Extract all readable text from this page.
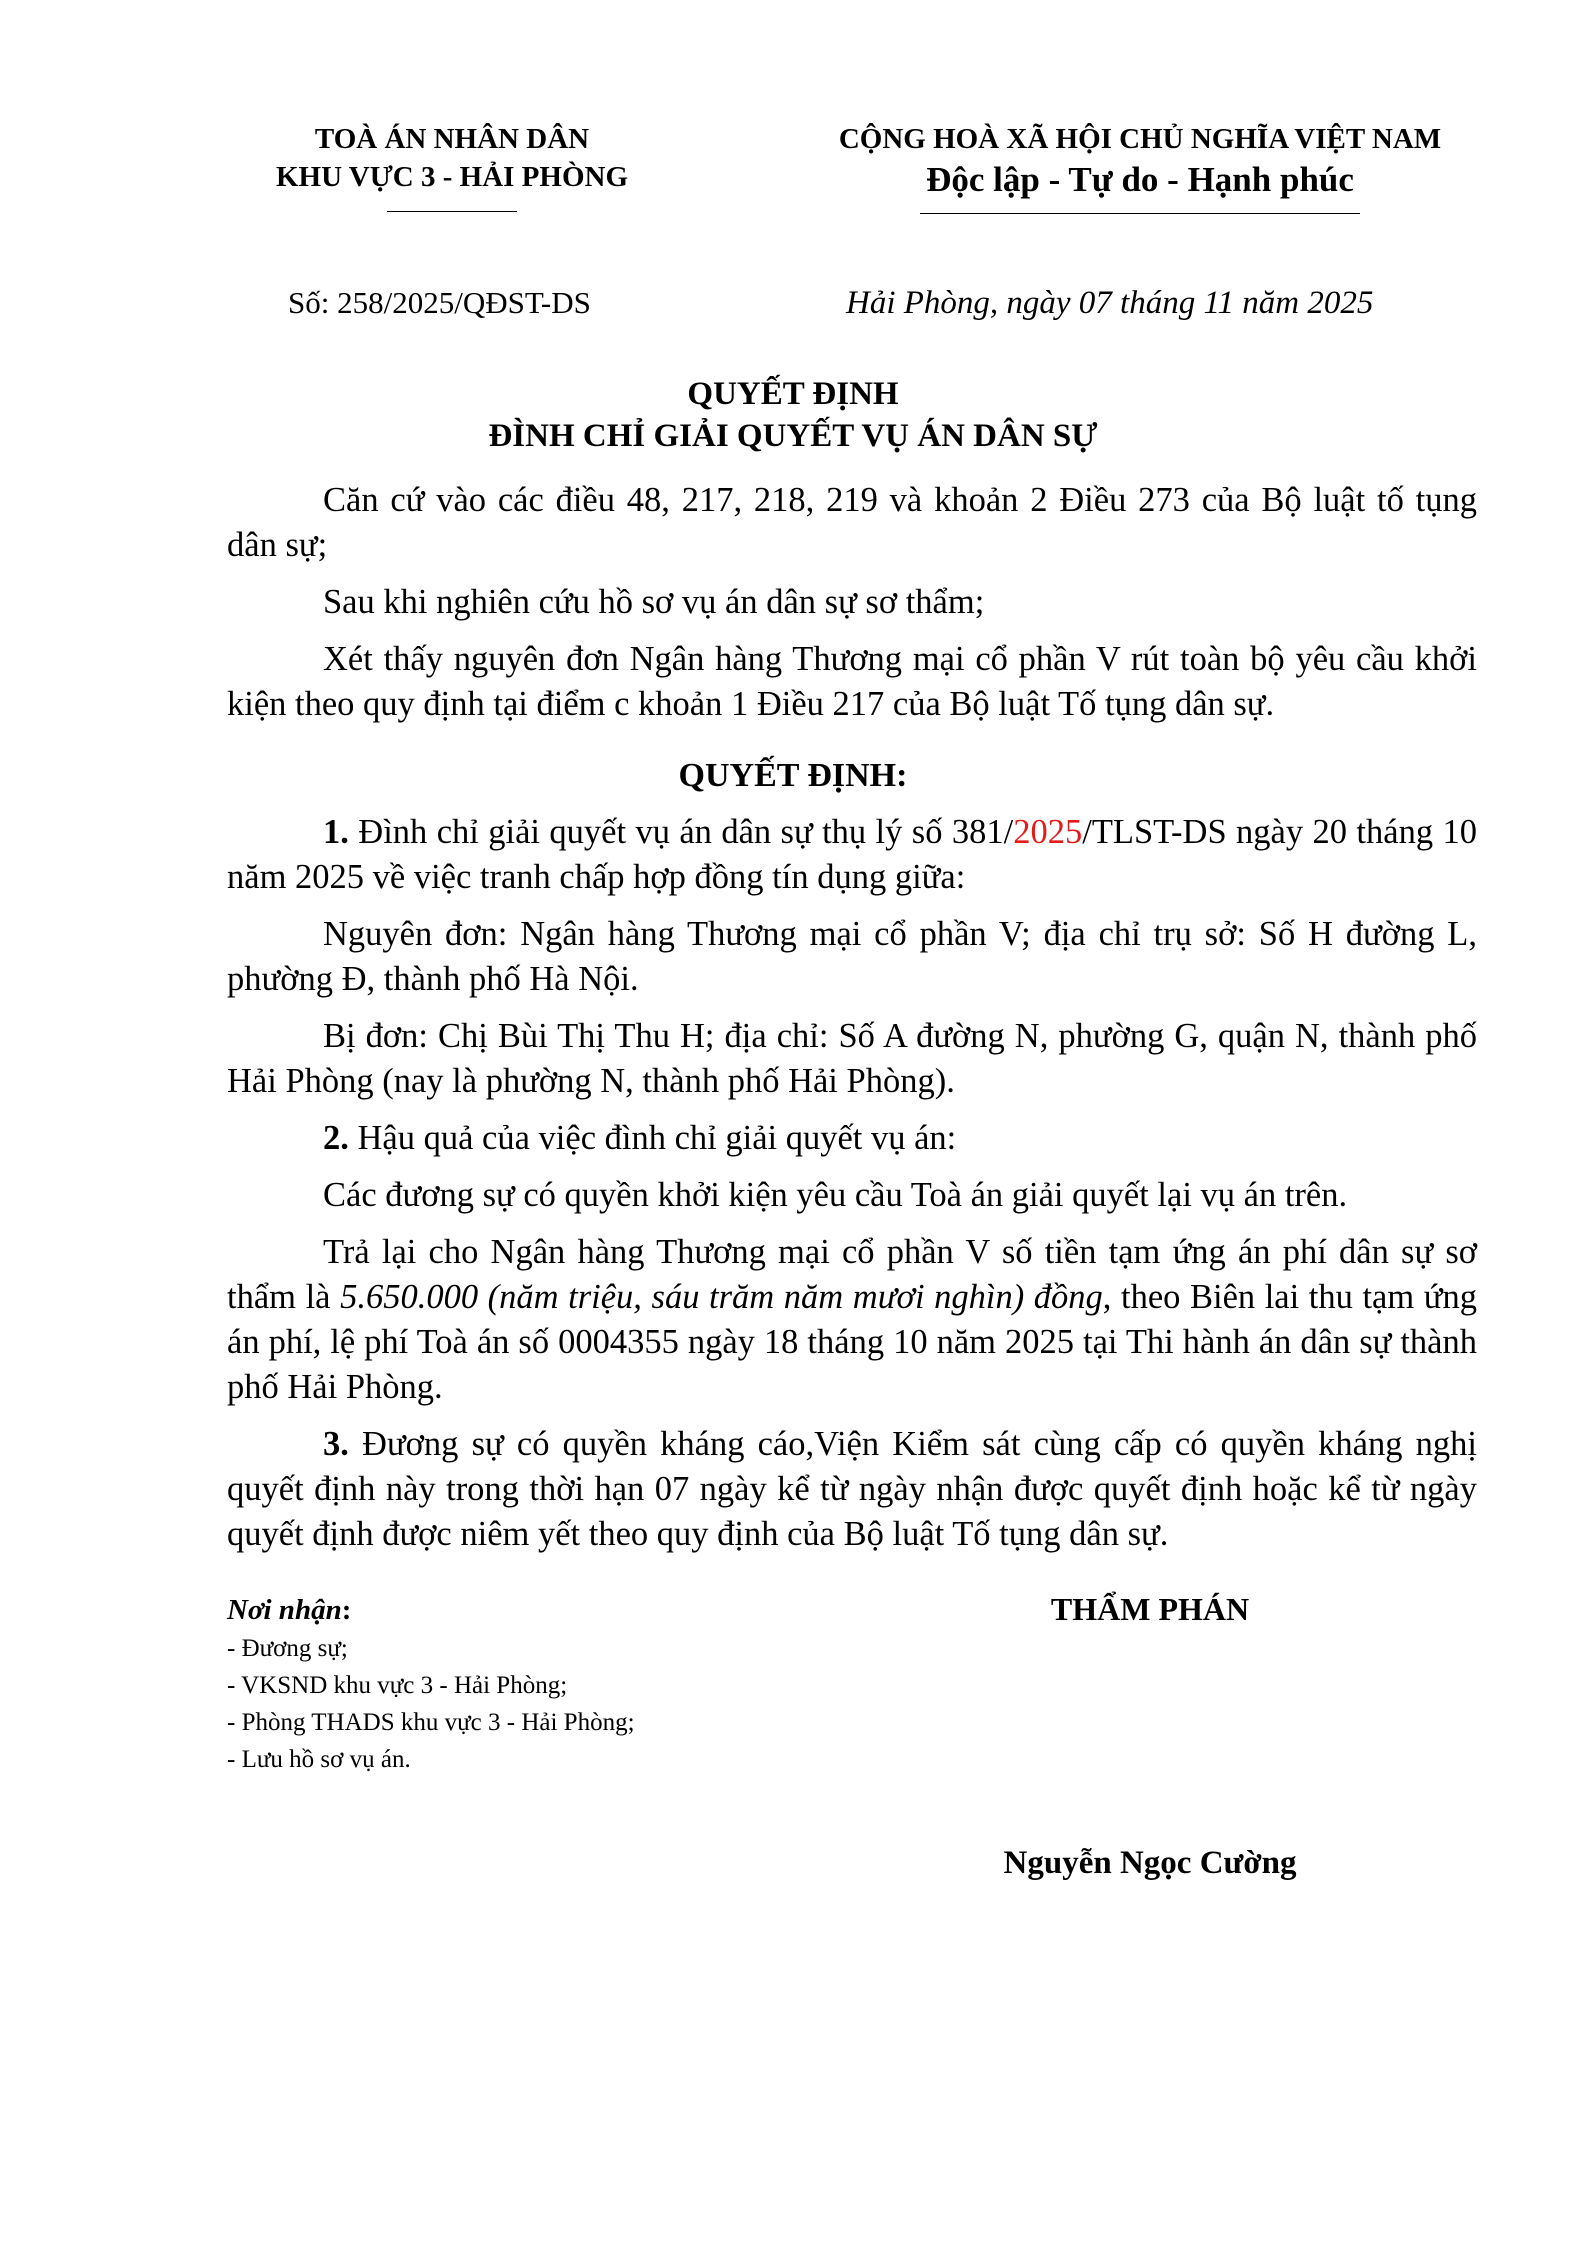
TOÀ ÁN NHÂN DÂN
KHU VỰC 3 - HẢI PHÒNG
CỘNG HOÀ XÃ HỘI CHỦ NGHĨA VIỆT NAM
Độc lập - Tự do - Hạnh phúc
Số: 258/2025/QĐST-DS	Hải Phòng, ngày 07 tháng 11 năm 2025
QUYẾT ĐỊNH
ĐÌNH CHỈ GIẢI QUYẾT VỤ ÁN DÂN SỰ

Căn cứ vào các điều 48, 217, 218, 219 và khoản 2 Điều 273 của Bộ luật tố tụng dân sự;

Sau khi nghiên cứu hồ sơ vụ án dân sự sơ thẩm;

Xét thấy nguyên đơn Ngân hàng Thương mại cổ phần V rút toàn bộ yêu cầu khởi kiện theo quy định tại điểm c khoản 1 Điều 217 của Bộ luật Tố tụng dân sự.

QUYẾT ĐỊNH:

1. Đình chỉ giải quyết vụ án dân sự thụ lý số 381/2025/TLST-DS ngày 20 tháng 10 năm 2025 về việc tranh chấp hợp đồng tín dụng giữa:

Nguyên đơn: Ngân hàng Thương mại cổ phần V; địa chỉ trụ sở: Số H đường L, phường Đ, thành phố Hà Nội.

Bị đơn: Chị Bùi Thị Thu H; địa chỉ: Số A đường N, phường G, quận N, thành phố Hải Phòng (nay là phường N, thành phố Hải Phòng).

2. Hậu quả của việc đình chỉ giải quyết vụ án:

Các đương sự có quyền khởi kiện yêu cầu Toà án giải quyết lại vụ án trên.

Trả lại cho Ngân hàng Thương mại cổ phần V số tiền tạm ứng án phí dân sự sơ thẩm là 5.650.000 (năm triệu, sáu trăm năm mươi nghìn) đồng, theo Biên lai thu tạm ứng án phí, lệ phí Toà án số 0004355 ngày 18 tháng 10 năm 2025 tại Thi hành án dân sự thành phố Hải Phòng.

3. Đương sự có quyền kháng cáo,Viện Kiểm sát cùng cấp có quyền kháng nghị quyết định này trong thời hạn 07 ngày kể từ ngày nhận được quyết định hoặc kể từ ngày quyết định được niêm yết theo quy định của Bộ luật Tố tụng dân sự.

Nơi nhận:
- Đương sự;
- VKSND khu vực 3 - Hải Phòng;
- Phòng THADS khu vực 3 - Hải Phòng;
- Lưu hồ sơ vụ án.
THẨM PHÁN
Nguyễn Ngọc Cường
